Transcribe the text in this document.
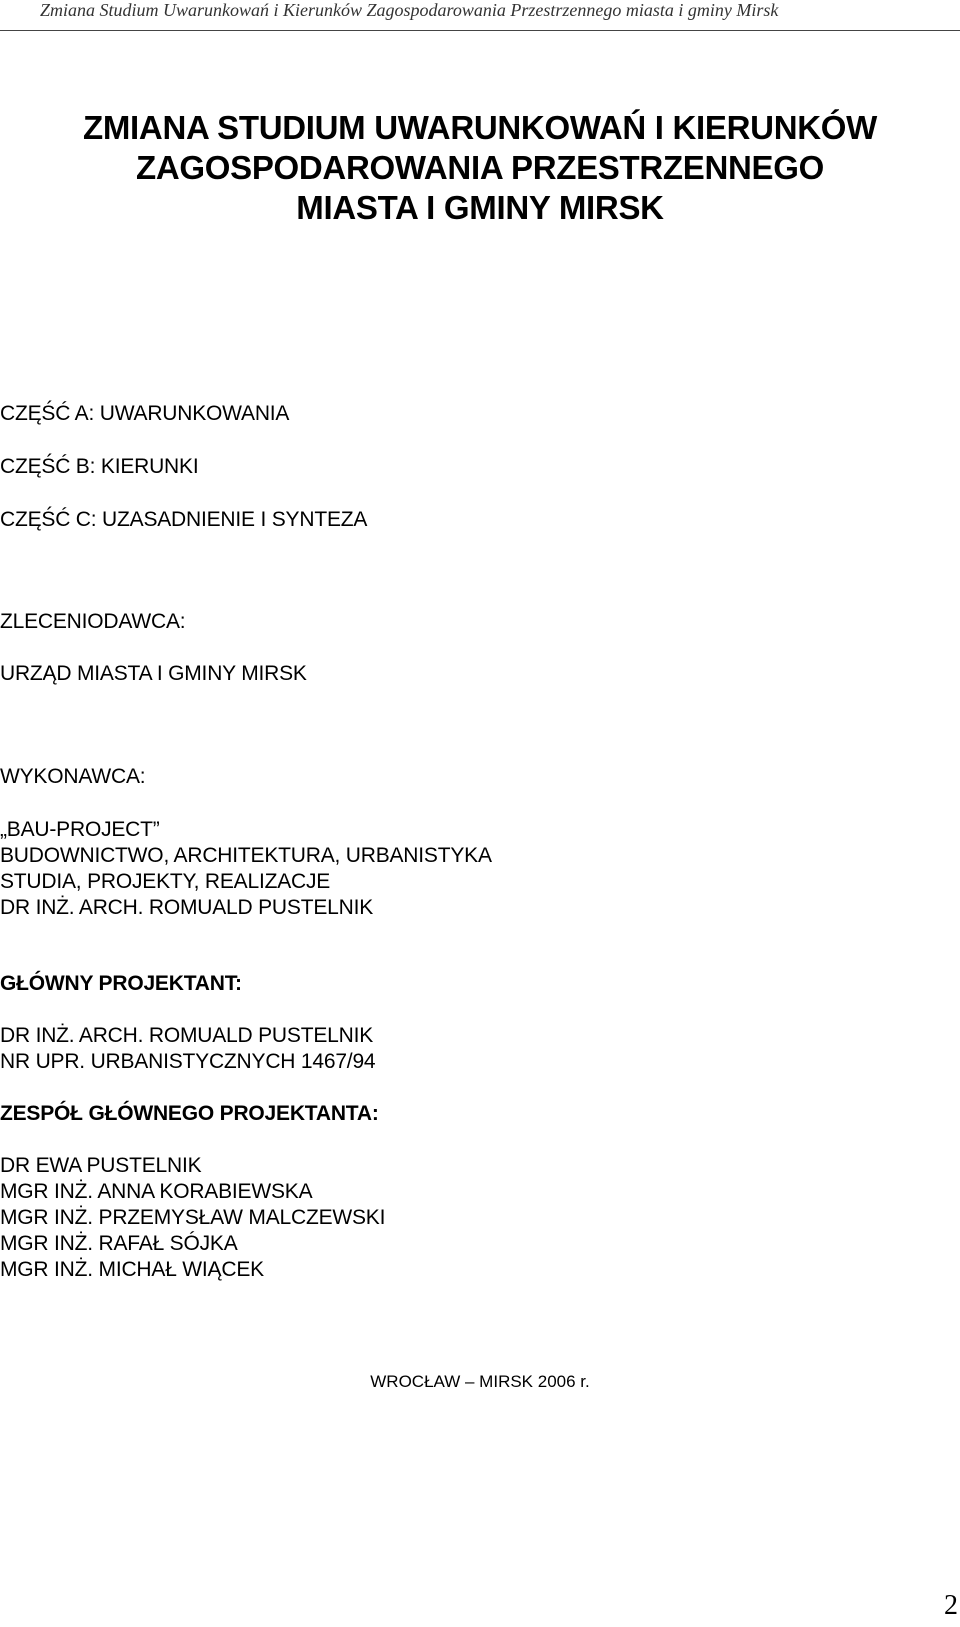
Zmiana Studium Uwarunkowań i Kierunków Zagospodarowania Przestrzennego miasta i gminy Mirsk
ZMIANA STUDIUM UWARUNKOWAŃ I KIERUNKÓW
ZAGOSPODAROWANIA PRZESTRZENNEGO
MIASTA I GMINY MIRSK
CZĘŚĆ A: UWARUNKOWANIA
CZĘŚĆ B: KIERUNKI
CZĘŚĆ C: UZASADNIENIE I SYNTEZA
ZLECENIODAWCA:
URZĄD MIASTA I GMINY MIRSK
WYKONAWCA:
„BAU-PROJECT”
BUDOWNICTWO, ARCHITEKTURA, URBANISTYKA
STUDIA, PROJEKTY, REALIZACJE
DR INŻ. ARCH. ROMUALD PUSTELNIK
GŁÓWNY PROJEKTANT:
DR INŻ. ARCH. ROMUALD PUSTELNIK
NR UPR. URBANISTYCZNYCH 1467/94
ZESPÓŁ GŁÓWNEGO PROJEKTANTA:
DR EWA PUSTELNIK
MGR INŻ. ANNA KORABIEWSKA
MGR INŻ. PRZEMYSŁAW MALCZEWSKI
MGR INŻ. RAFAŁ SÓJKA
MGR INŻ. MICHAŁ WIĄCEK
WROCŁAW – MIRSK 2006 r.
2
